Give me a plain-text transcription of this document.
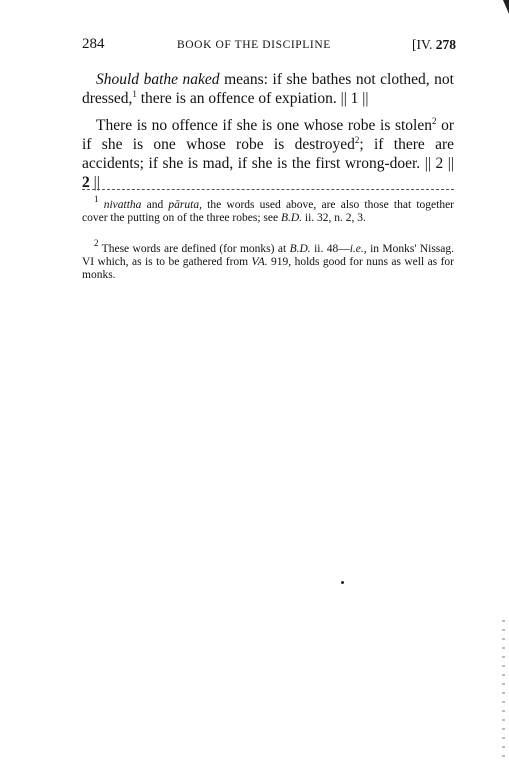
284	BOOK OF THE DISCIPLINE	[IV. 278

Should bathe naked means: if she bathes not clothed, not dressed,$^1$ there is an offence of expiation. || 1 ||

There is no offence if she is one whose robe is stolen$^2$ or if she is one whose robe is destroyed$^2$; if there are accidents; if she is mad, if she is the first wrong-doer. || 2 || 2 ||

$^1$ nivattha and pāruta, the words used above, are also those that together cover the putting on of the three robes; see B.D. ii. 32, n. 2, 3.

$^2$ These words are defined (for monks) at B.D. ii. 48—i.e., in Monks' Nissag. VI which, as is to be gathered from VA. 919, holds good for nuns as well as for monks.
